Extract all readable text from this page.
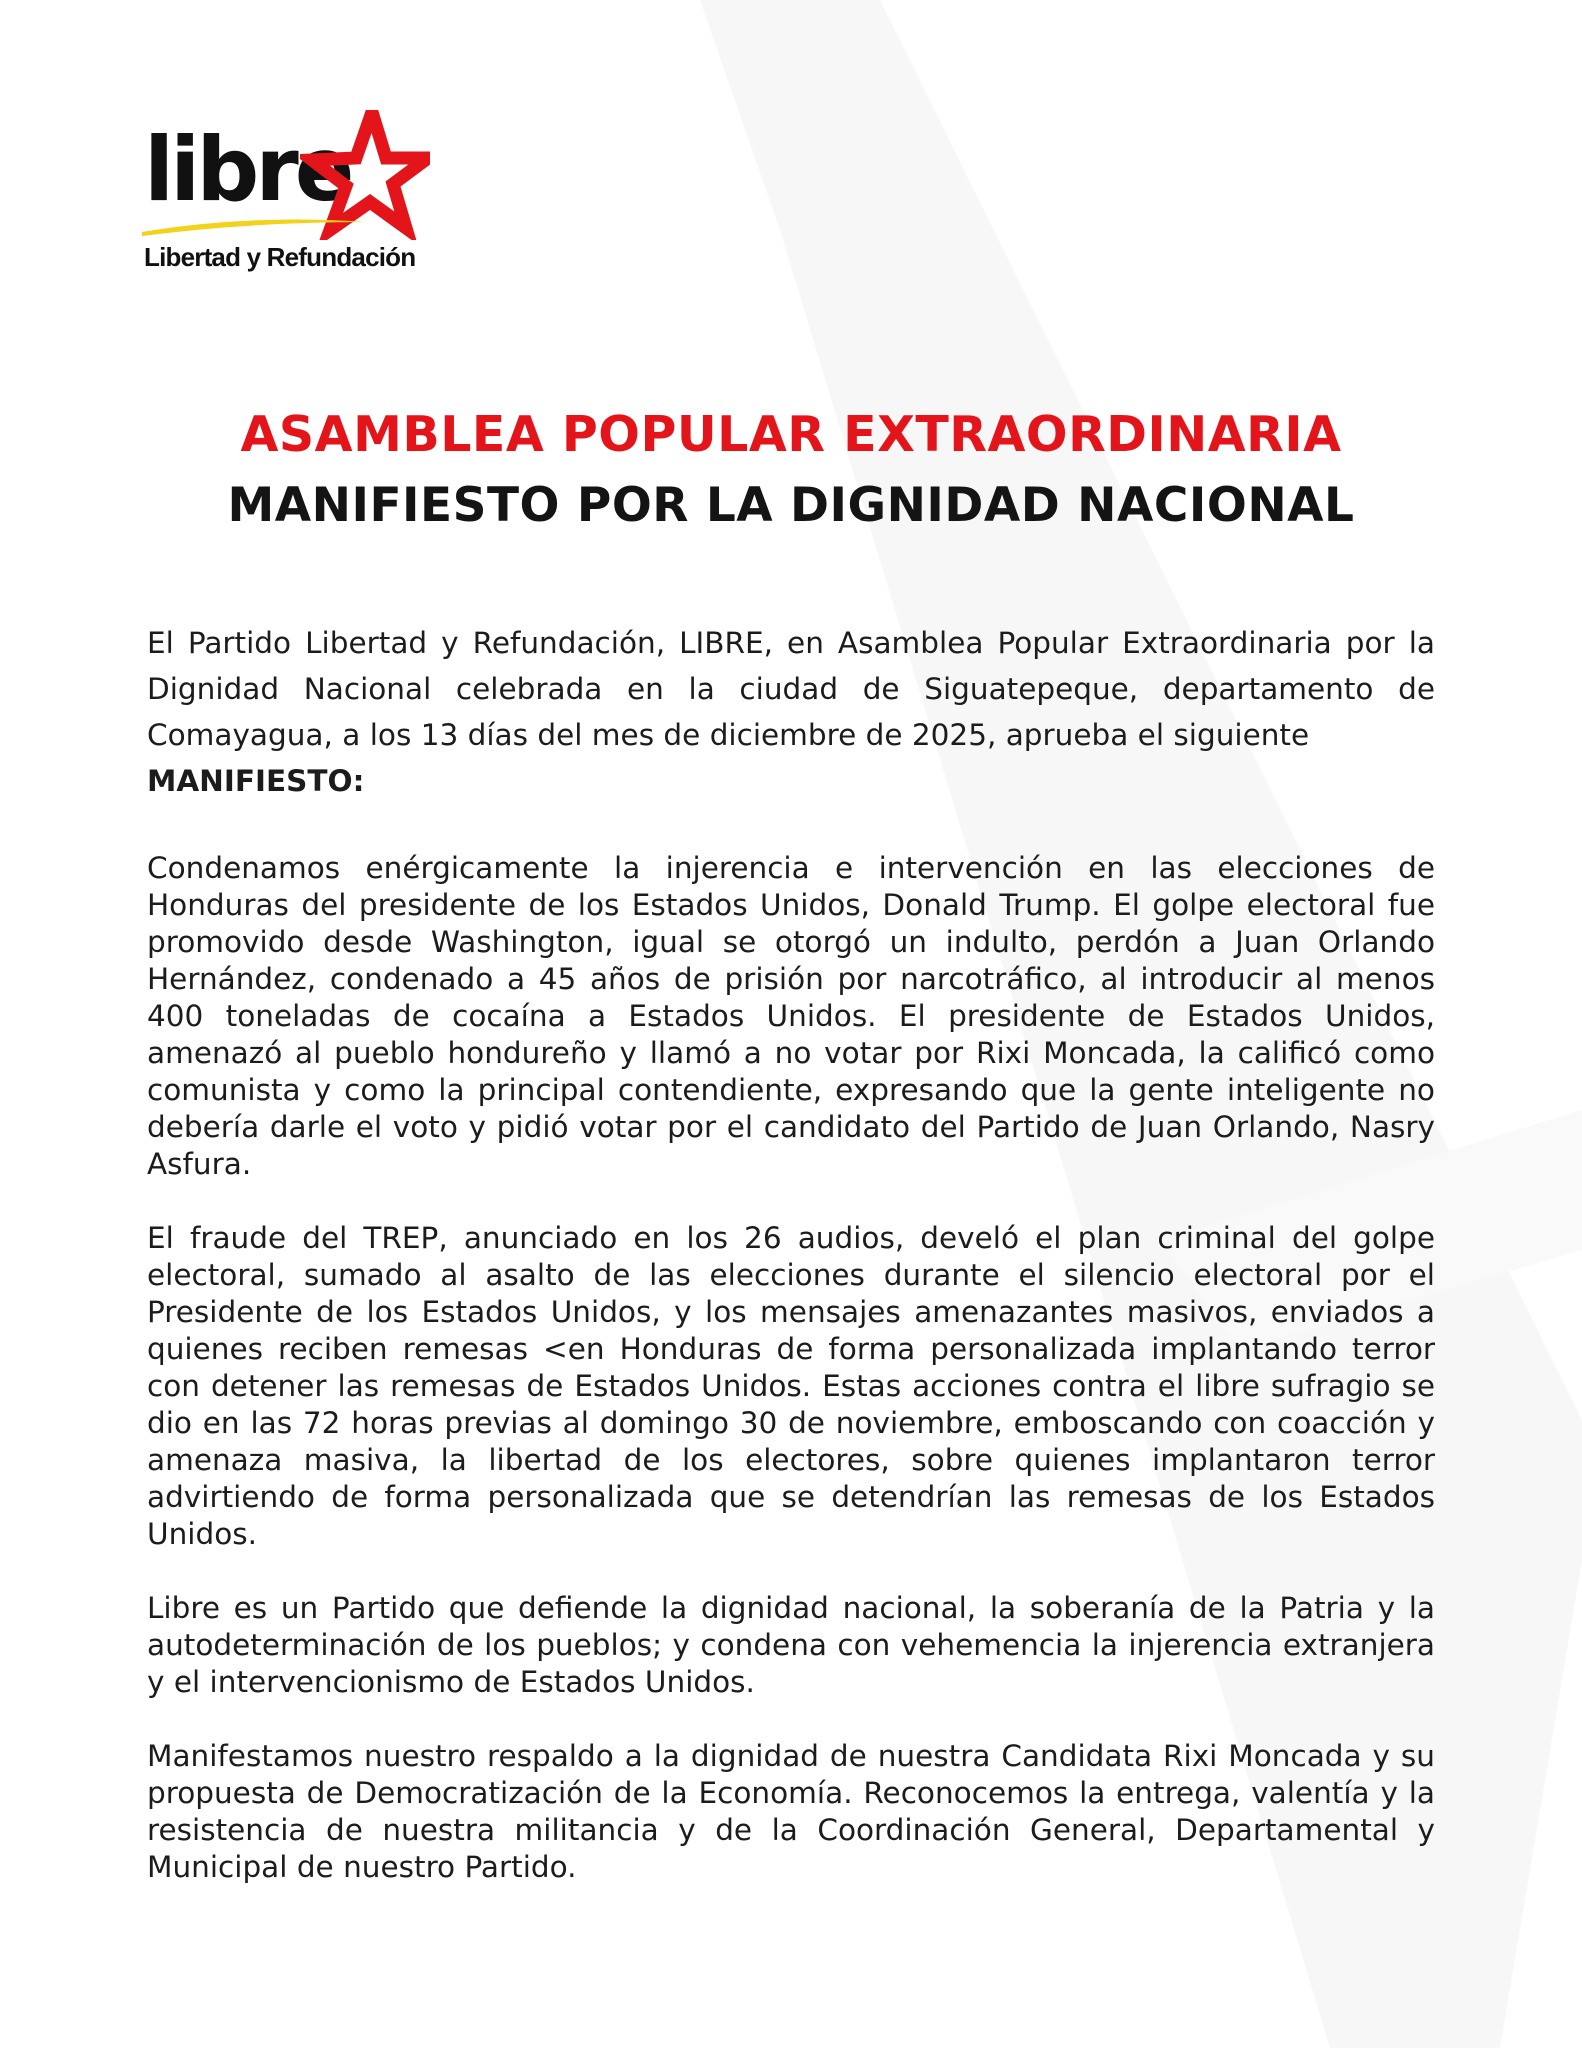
libre
Libertad y Refundación
ASAMBLEA POPULAR EXTRAORDINARIA
MANIFIESTO POR LA DIGNIDAD NACIONAL

El Partido Libertad y Refundación, LIBRE, en Asamblea Popular Extraordinaria por la Dignidad Nacional celebrada en la ciudad de Siguatepeque, departamento de Comayagua, a los 13 días del mes de diciembre de 2025, aprueba el siguiente
MANIFIESTO:

Condenamos enérgicamente la injerencia e intervención en las elecciones de Honduras del presidente de los Estados Unidos, Donald Trump. El golpe electoral fue promovido desde Washington, igual se otorgó un indulto, perdón a Juan Orlando Hernández, condenado a 45 años de prisión por narcotráfico, al introducir al menos 400 toneladas de cocaína a Estados Unidos. El presidente de Estados Unidos, amenazó al pueblo hondureño y llamó a no votar por Rixi Moncada, la calificó como comunista y como la principal contendiente, expresando que la gente inteligente no debería darle el voto y pidió votar por el candidato del Partido de Juan Orlando, Nasry Asfura.

El fraude del TREP, anunciado en los 26 audios, develó el plan criminal del golpe electoral, sumado al asalto de las elecciones durante el silencio electoral por el Presidente de los Estados Unidos, y los mensajes amenazantes masivos, enviados a quienes reciben remesas <en Honduras de forma personalizada implantando terror con detener las remesas de Estados Unidos. Estas acciones contra el libre sufragio se dio en las 72 horas previas al domingo 30 de noviembre, emboscando con coacción y amenaza masiva, la libertad de los electores, sobre quienes implantaron terror advirtiendo de forma personalizada que se detendrían las remesas de los Estados Unidos.

Libre es un Partido que defiende la dignidad nacional, la soberanía de la Patria y la autodeterminación de los pueblos; y condena con vehemencia la injerencia extranjera y el intervencionismo de Estados Unidos.

Manifestamos nuestro respaldo a la dignidad de nuestra Candidata Rixi Moncada y su propuesta de Democratización de la Economía. Reconocemos la entrega, valentía y la resistencia de nuestra militancia y de la Coordinación General, Departamental y Municipal de nuestro Partido.
